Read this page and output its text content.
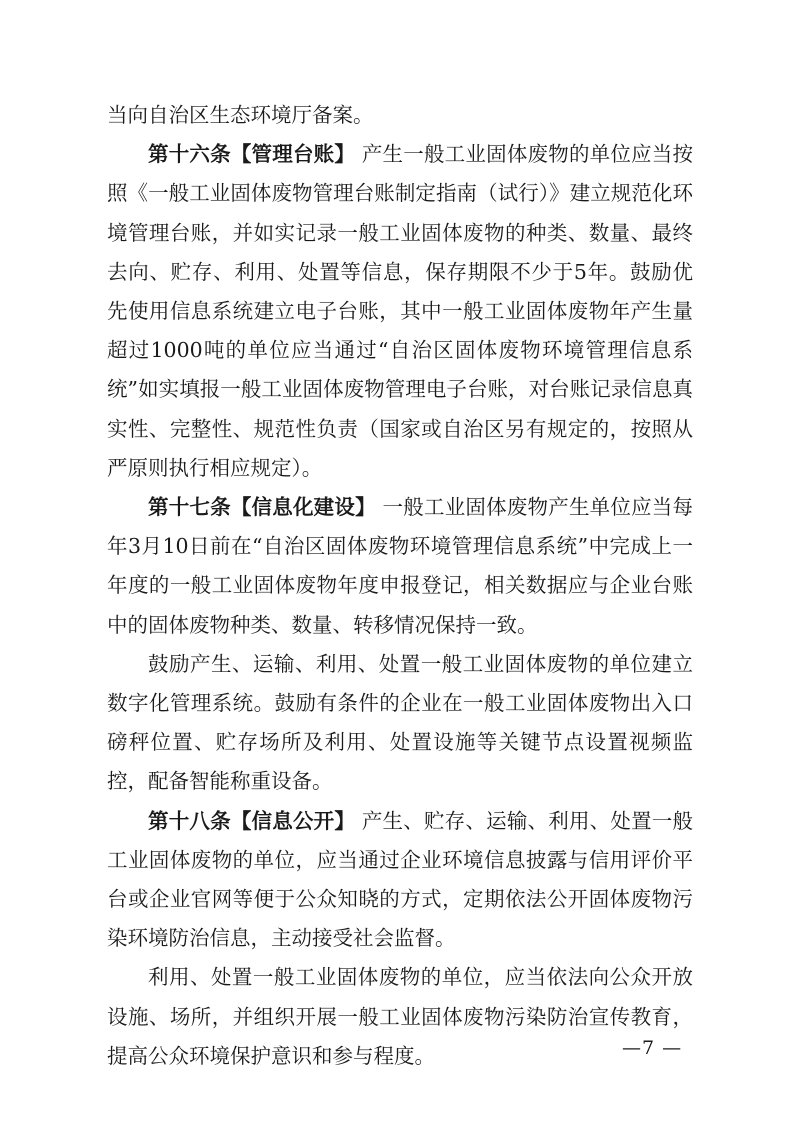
当向自治区生态环境厅备案。

第十六条【管理台账】 产生一般工业固体废物的单位应当按照《一般工业固体废物管理台账制定指南（试行）》建立规范化环境管理台账，并如实记录一般工业固体废物的种类、数量、最终去向、贮存、利用、处置等信息，保存期限不少于5年。鼓励优先使用信息系统建立电子台账，其中一般工业固体废物年产生量超过1000吨的单位应当通过“自治区固体废物环境管理信息系统”如实填报一般工业固体废物管理电子台账，对台账记录信息真实性、完整性、规范性负责（国家或自治区另有规定的，按照从严原则执行相应规定）。

第十七条【信息化建设】 一般工业固体废物产生单位应当每年3月10日前在“自治区固体废物环境管理信息系统”中完成上一年度的一般工业固体废物年度申报登记，相关数据应与企业台账中的固体废物种类、数量、转移情况保持一致。

鼓励产生、运输、利用、处置一般工业固体废物的单位建立数字化管理系统。鼓励有条件的企业在一般工业固体废物出入口磅秤位置、贮存场所及利用、处置设施等关键节点设置视频监控，配备智能称重设备。

第十八条【信息公开】 产生、贮存、运输、利用、处置一般工业固体废物的单位，应当通过企业环境信息披露与信用评价平台或企业官网等便于公众知晓的方式，定期依法公开固体废物污染环境防治信息，主动接受社会监督。

利用、处置一般工业固体废物的单位，应当依法向公众开放设施、场所，并组织开展一般工业固体废物污染防治宣传教育，提高公众环境保护意识和参与程度。	—7 —
